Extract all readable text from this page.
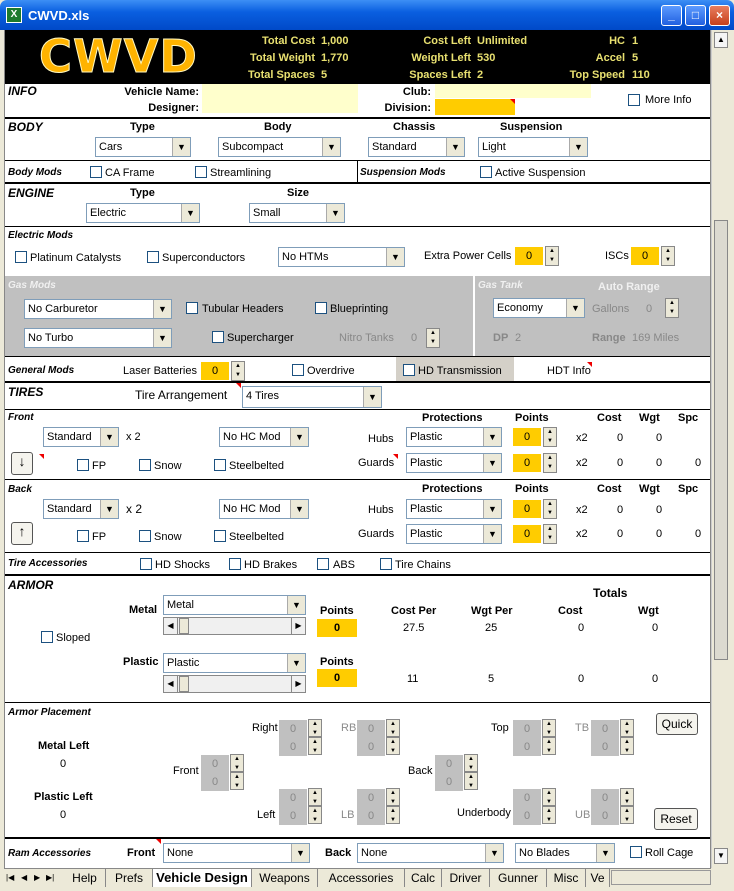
X CWVD.xls	_	□	×
▲
▼
CWVD	Total Cost 1,000
Total Weight 1,770
Total Spaces 5
Cost Left Unlimited
Weight Left 530
Spaces Left 2
HC 1
Accel 5
Top Speed 110
INFO	Vehicle Name:
Designer:
Club:
Division:
More Info
BODY	Type	Body	Chassis	Suspension
Cars	▼	Subcompact	▼	Standard	▼	Light	▼
Body Mods	CA Frame	Streamlining	Suspension Mods	Active Suspension
ENGINE	Type	Size
Electric	▼	Small	▼
Electric Mods
Platinum Catalysts	Superconductors	No HTMs	▼	Extra Power Cells	0	▲
▼	ISCs	0	▲
▼
Gas Mods
No Carburetor	▼	Tubular Headers	Blueprinting
No Turbo	▼	Supercharger	Nitro Tanks	0	▲
▼
Gas Tank	Auto Range
Economy	▼	Gallons	0	▲
▼
DP 2	Range 169 Miles
General Mods	Laser Batteries	0	▲
▼	Overdrive	HD Transmission	HDT Info
TIRES	Tire Arrangement	4 Tires	▼
Front	Protections	Points	Cost Wgt Spc
Standard	▼	x 2	No HC Mod	▼	Hubs	Plastic	▼	0	▲
▼	x2	0	0
↓	FP	Snow	Steelbelted	Guards	Plastic	▼	0	▲
▼	x2	0	0	0
Back	Protections	Points	Cost Wgt Spc
Standard	▼	x 2	No HC Mod	▼	Hubs	Plastic	▼	0	▲
▼	x2	0	0
↑	FP	Snow	Steelbelted	Guards	Plastic	▼	0	▲
▼	x2	0	0	0
Tire Accessories	HD Shocks	HD Brakes	ABS	Tire Chains
ARMOR
Totals
Metal Metal	▼
◀	▶
Points	Cost Per	Wgt Per	Cost	Wgt
0	27.5	25	0	0
Sloped
Plastic Plastic	▼
◀	▶
Points
0	11	5	0	0
Armor Placement
Metal Left
0
Plastic Left
0
Right	0	▲
▼
0	▲
▼
RB	0	▲
▼
0	▲
▼
Top	0	▲
▼
0	▲
▼
TB	0	▲
▼
0	▲
▼
Quick
Front
0	▲
▼
0	▲
▼
Back
0	▲
▼
0	▲
▼
Left
0	▲
▼
0	▲
▼	LB
0	▲
▼
0	▲
▼
Underbody
0	▲
▼
0	▲
▼	UB
0	▲
▼
0	▲
▼	Reset
Ram Accessories	Front	None	▼	Back None	▼	No Blades	▼	Roll Cage
|◀ ◀ ▶ ▶|	Help	Prefs	Vehicle Design Weapons	Accessories	Calc	Driver	Gunner	Misc	Ve
